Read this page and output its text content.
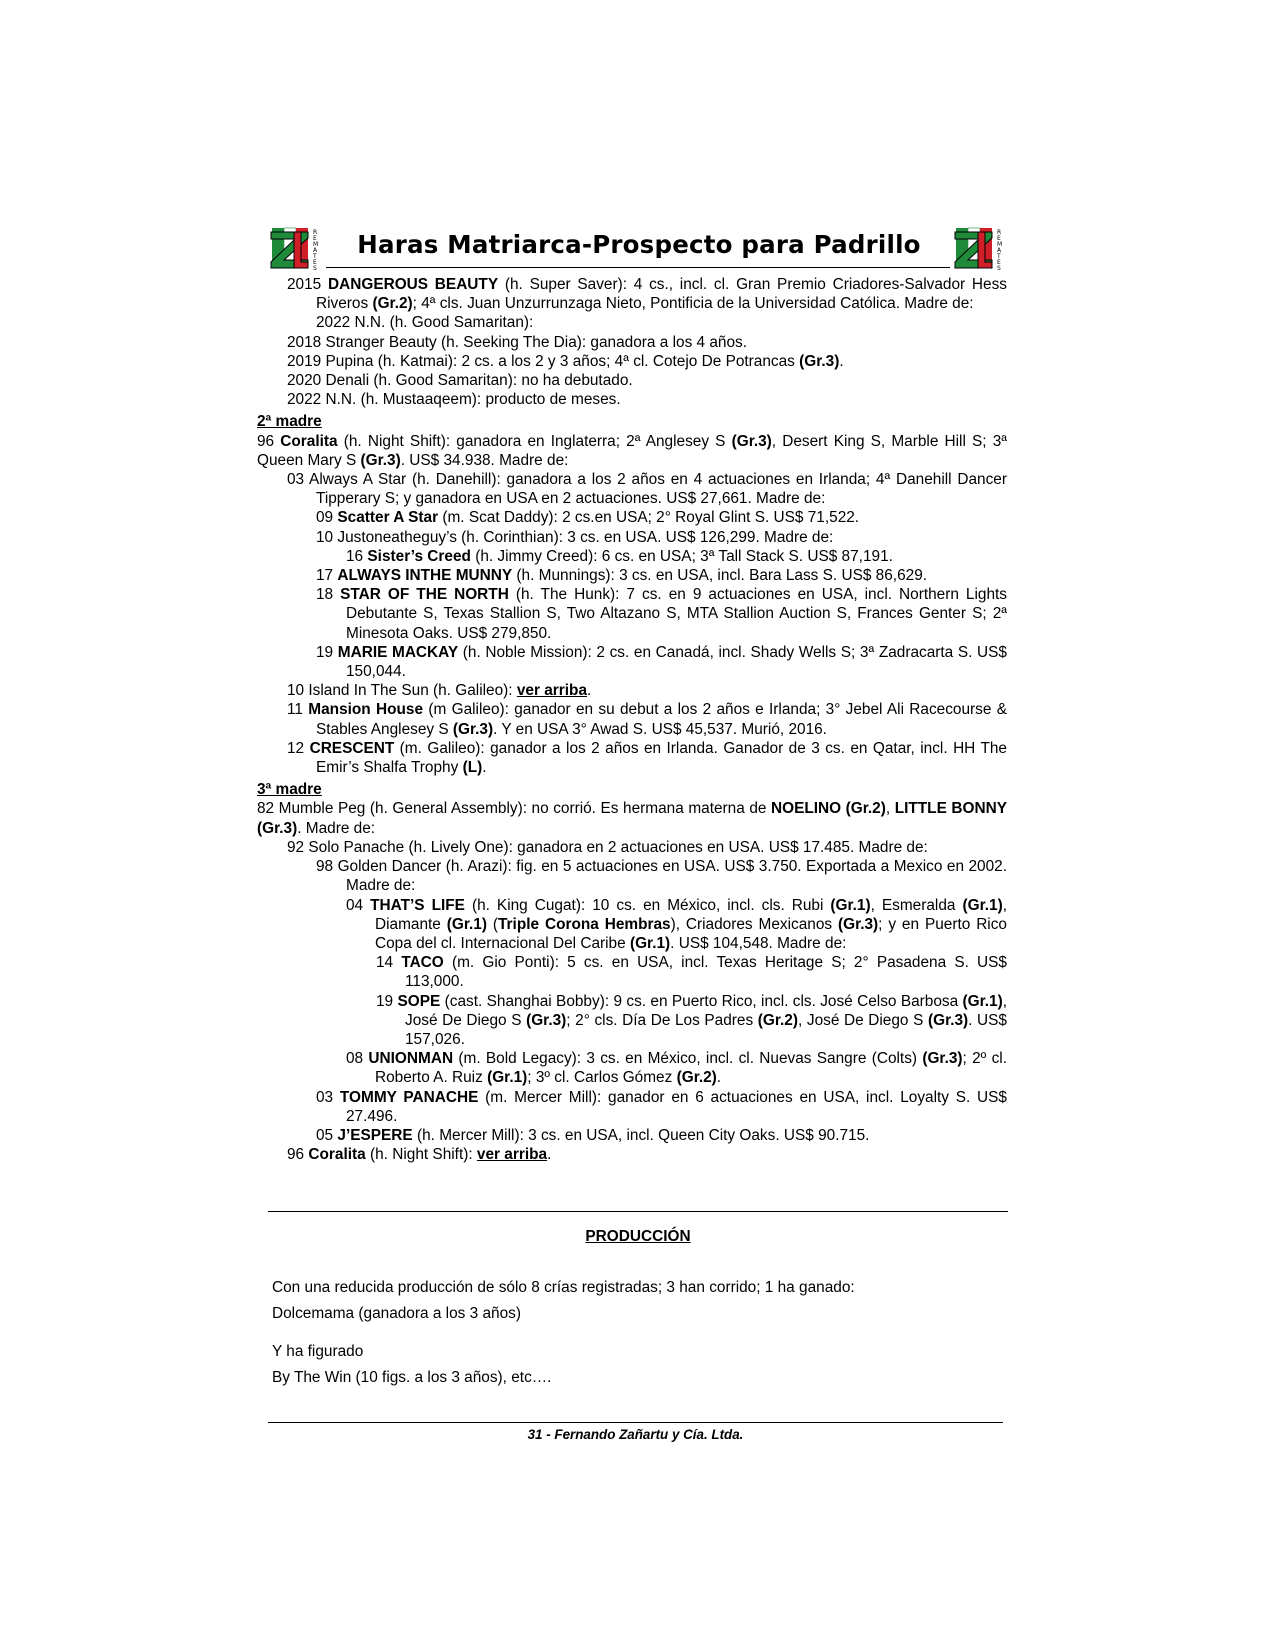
R
E
M
A
T
E
S
Haras Matriarca-Prospecto para Padrillo	R
E
M
A
T
E
S

2015 DANGEROUS BEAUTY (h. Super Saver): 4 cs., incl. cl. Gran Premio Criadores-Salvador Hess Riveros (Gr.2); 4ª cls. Juan Unzurrunzaga Nieto, Pontificia de la Universidad Católica. Madre de:

2022 N.N. (h. Good Samaritan):

2018 Stranger Beauty (h. Seeking The Dia): ganadora a los 4 años.

2019 Pupina (h. Katmai): 2 cs. a los 2 y 3 años; 4ª cl. Cotejo De Potrancas (Gr.3).

2020 Denali (h. Good Samaritan): no ha debutado.

2022 N.N. (h. Mustaaqeem): producto de meses.

2ª madre

96 Coralita (h. Night Shift): ganadora en Inglaterra; 2ª Anglesey S (Gr.3), Desert King S, Marble Hill S; 3ª Queen Mary S (Gr.3). US$ 34.938. Madre de:

03 Always A Star (h. Danehill): ganadora a los 2 años en 4 actuaciones en Irlanda; 4ª Danehill Dancer Tipperary S; y ganadora en USA en 2 actuaciones. US$ 27,661. Madre de:

09 Scatter A Star (m. Scat Daddy): 2 cs.en USA; 2° Royal Glint S. US$ 71,522.

10 Justoneatheguy’s (h. Corinthian): 3 cs. en USA. US$ 126,299. Madre de:

16 Sister’s Creed (h. Jimmy Creed): 6 cs. en USA; 3ª Tall Stack S. US$ 87,191.

17 ALWAYS INTHE MUNNY (h. Munnings): 3 cs. en USA, incl. Bara Lass S. US$ 86,629.

18 STAR OF THE NORTH (h. The Hunk): 7 cs. en 9 actuaciones en USA, incl. Northern Lights Debutante S, Texas Stallion S, Two Altazano S, MTA Stallion Auction S, Frances Genter S; 2ª Minesota Oaks. US$ 279,850.

19 MARIE MACKAY (h. Noble Mission): 2 cs. en Canadá, incl. Shady Wells S; 3ª Zadracarta S. US$ 150,044.

10 Island In The Sun (h. Galileo): ver arriba.

11 Mansion House (m Galileo): ganador en su debut a los 2 años e Irlanda; 3° Jebel Ali Racecourse & Stables Anglesey S (Gr.3). Y en USA 3° Awad S. US$ 45,537. Murió, 2016.

12 CRESCENT (m. Galileo): ganador a los 2 años en Irlanda. Ganador de 3 cs. en Qatar, incl. HH The Emir’s Shalfa Trophy (L).

3ª madre

82 Mumble Peg (h. General Assembly): no corrió. Es hermana materna de NOELINO (Gr.2), LITTLE BONNY (Gr.3). Madre de:

92 Solo Panache (h. Lively One): ganadora en 2 actuaciones en USA. US$ 17.485. Madre de:

98 Golden Dancer (h. Arazi): fig. en 5 actuaciones en USA. US$ 3.750. Exportada a Mexico en 2002. Madre de:

04 THAT’S LIFE (h. King Cugat): 10 cs. en México, incl. cls. Rubi (Gr.1), Esmeralda (Gr.1), Diamante (Gr.1) (Triple Corona Hembras), Criadores Mexicanos (Gr.3); y en Puerto Rico Copa del cl. Internacional Del Caribe (Gr.1). US$ 104,548. Madre de:

14 TACO (m. Gio Ponti): 5 cs. en USA, incl. Texas Heritage S; 2° Pasadena S. US$ 113,000.

19 SOPE (cast. Shanghai Bobby): 9 cs. en Puerto Rico, incl. cls. José Celso Barbosa (Gr.1), José De Diego S (Gr.3); 2° cls. Día De Los Padres (Gr.2), José De Diego S (Gr.3). US$ 157,026.

08 UNIONMAN (m. Bold Legacy): 3 cs. en México, incl. cl. Nuevas Sangre (Colts) (Gr.3); 2º cl. Roberto A. Ruiz (Gr.1); 3º cl. Carlos Gómez (Gr.2).

03 TOMMY PANACHE (m. Mercer Mill): ganador en 6 actuaciones en USA, incl. Loyalty S. US$ 27.496.

05 J’ESPERE (h. Mercer Mill): 3 cs. en USA, incl. Queen City Oaks. US$ 90.715.

96 Coralita (h. Night Shift): ver arriba.

PRODUCCIÓN
Con una reducida producción de sólo 8 crías registradas; 3 han corrido; 1 ha ganado:
Dolcemama (ganadora a los 3 años)
Y ha figurado
By The Win (10 figs. a los 3 años), etc….
31 - Fernando Zañartu y Cía. Ltda.
